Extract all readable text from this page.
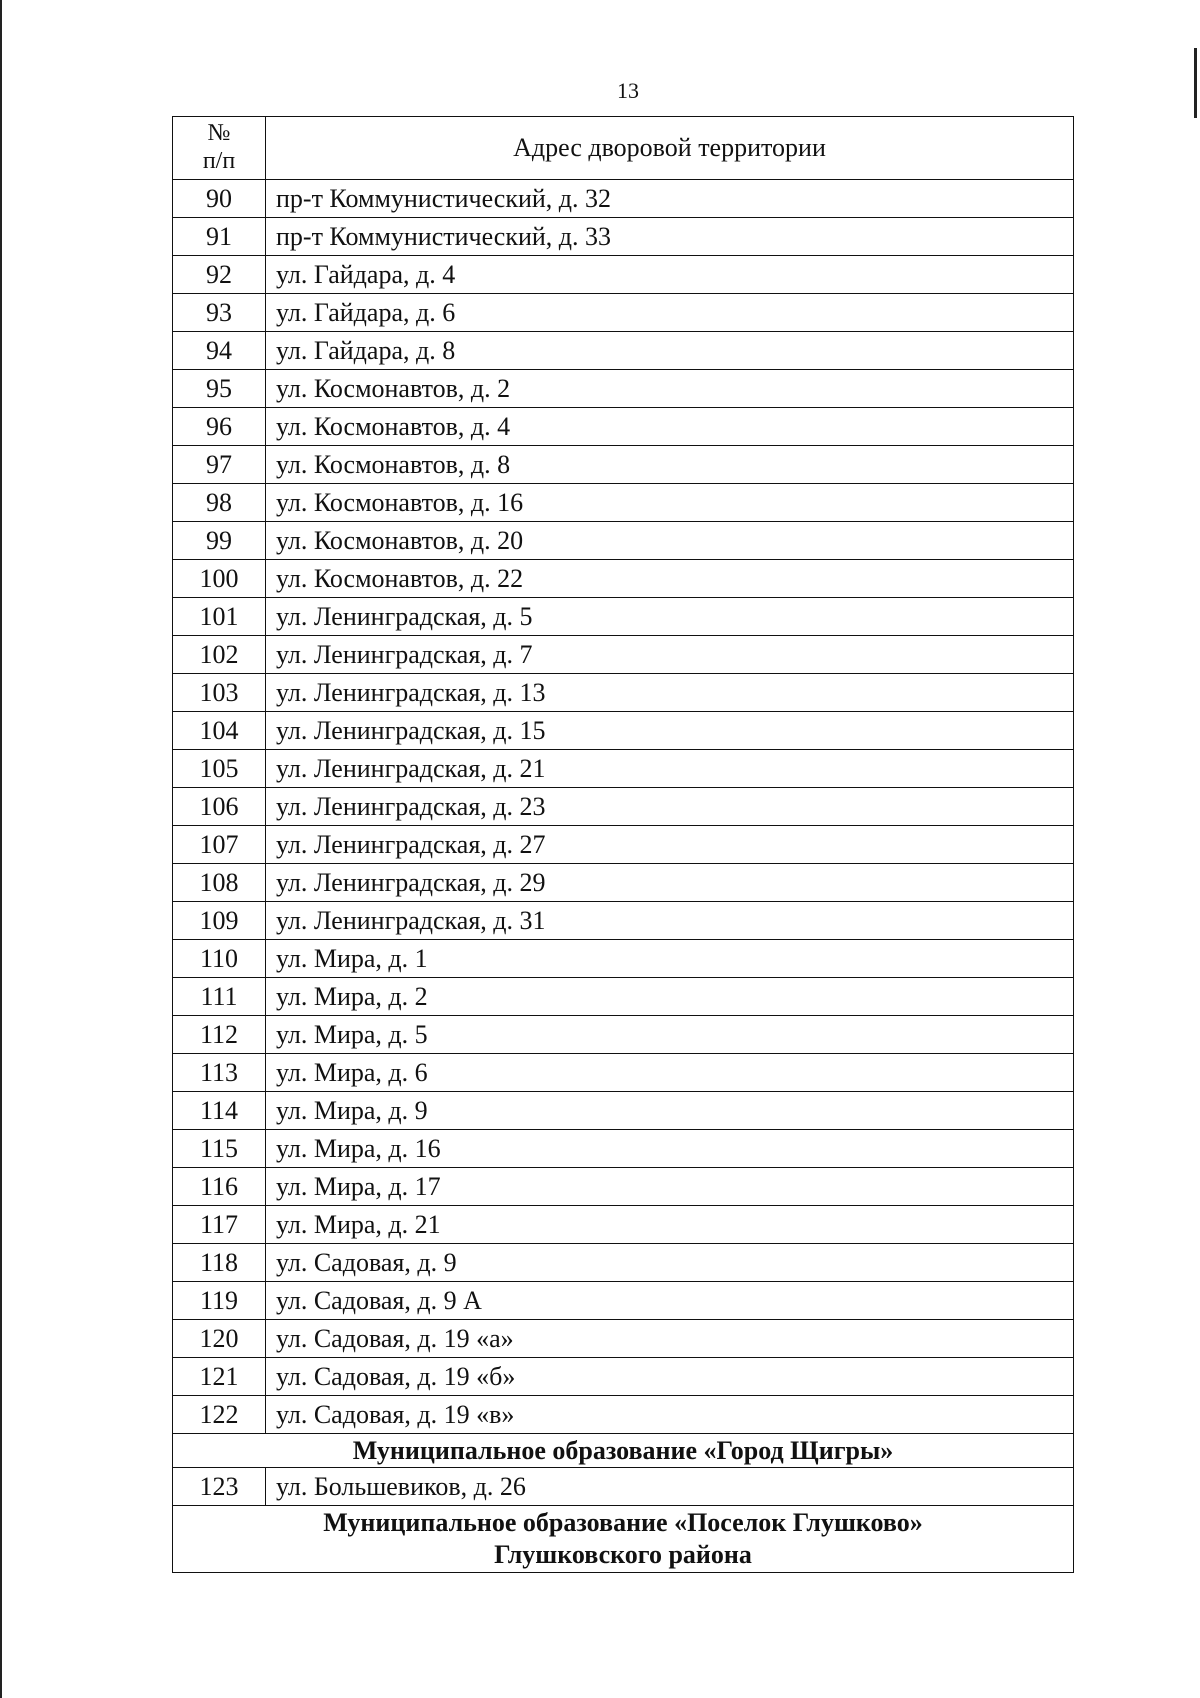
13
№
п/п	Адрес дворовой территории
90	пр-т Коммунистический, д. 32
91	пр-т Коммунистический, д. 33
92	ул. Гайдара, д. 4
93	ул. Гайдара, д. 6
94	ул. Гайдара, д. 8
95	ул. Космонавтов, д. 2
96	ул. Космонавтов, д. 4
97	ул. Космонавтов, д. 8
98	ул. Космонавтов, д. 16
99	ул. Космонавтов, д. 20
100	ул. Космонавтов, д. 22
101	ул. Ленинградская, д. 5
102	ул. Ленинградская, д. 7
103	ул. Ленинградская, д. 13
104	ул. Ленинградская, д. 15
105	ул. Ленинградская, д. 21
106	ул. Ленинградская, д. 23
107	ул. Ленинградская, д. 27
108	ул. Ленинградская, д. 29
109	ул. Ленинградская, д. 31
110	ул. Мира, д. 1
111	ул. Мира, д. 2
112	ул. Мира, д. 5
113	ул. Мира, д. 6
114	ул. Мира, д. 9
115	ул. Мира, д. 16
116	ул. Мира, д. 17
117	ул. Мира, д. 21
118	ул. Садовая, д. 9
119	ул. Садовая, д. 9 А
120	ул. Садовая, д. 19 «а»
121	ул. Садовая, д. 19 «б»
122	ул. Садовая, д. 19 «в»

Муниципальное образование «Город Щигры»	

123	ул. Большевиков, д. 26

Муниципальное образование «Поселок Глушково»
Глушковского района	
